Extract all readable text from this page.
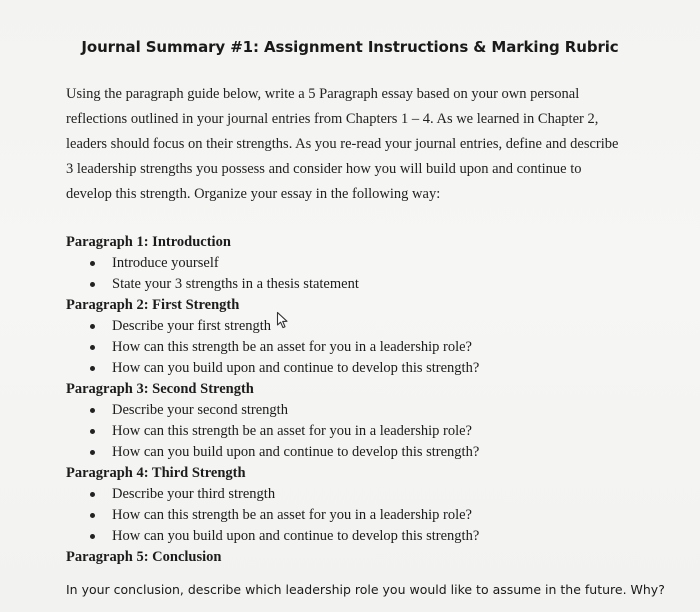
Journal Summary #1: Assignment Instructions & Marking Rubric
Using the paragraph guide below, write a 5 Paragraph essay based on your own personal
reflections outlined in your journal entries from Chapters 1 – 4. As we learned in Chapter 2,
leaders should focus on their strengths. As you re-read your journal entries, define and describe
3 leadership strengths you possess and consider how you will build upon and continue to
develop this strength. Organize your essay in the following way:
Paragraph 1: Introduction
Introduce yourself
State your 3 strengths in a thesis statement
Paragraph 2: First Strength
Describe your first strength
How can this strength be an asset for you in a leadership role?
How can you build upon and continue to develop this strength?
Paragraph 3: Second Strength
Describe your second strength
How can this strength be an asset for you in a leadership role?
How can you build upon and continue to develop this strength?
Paragraph 4: Third Strength
Describe your third strength
How can this strength be an asset for you in a leadership role?
How can you build upon and continue to develop this strength?
Paragraph 5: Conclusion
In your conclusion, describe which leadership role you would like to assume in the future. Why?
